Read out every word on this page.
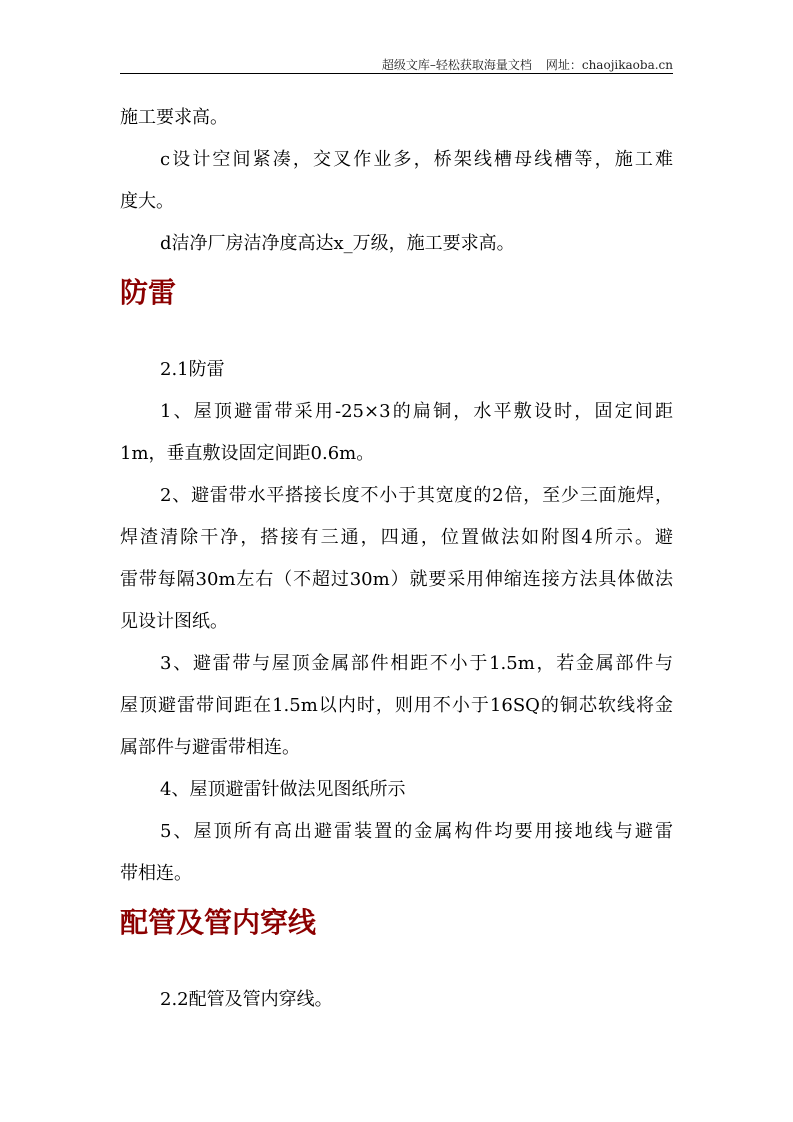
超级文库–轻松获取海量文档 网址：chaojikaoba.cn
施工要求高。
c设计空间紧凑，交叉作业多，桥架线槽母线槽等，施工难
度大。
d洁净厂房洁净度高达x_万级，施工要求高。
防雷
2.1防雷
1、屋顶避雷带采用-25×3的扁铜，水平敷设时，固定间距
1m，垂直敷设固定间距0.6m。
2、避雷带水平搭接长度不小于其宽度的2倍，至少三面施焊，
焊渣清除干净，搭接有三通，四通，位置做法如附图4所示。避
雷带每隔30m左右（不超过30m）就要采用伸缩连接方法具体做法
见设计图纸。
3、避雷带与屋顶金属部件相距不小于1.5m，若金属部件与
屋顶避雷带间距在1.5m以内时，则用不小于16SQ的铜芯软线将金
属部件与避雷带相连。
4、屋顶避雷针做法见图纸所示
5、屋顶所有高出避雷装置的金属构件均要用接地线与避雷
带相连。
配管及管内穿线
2.2配管及管内穿线。
